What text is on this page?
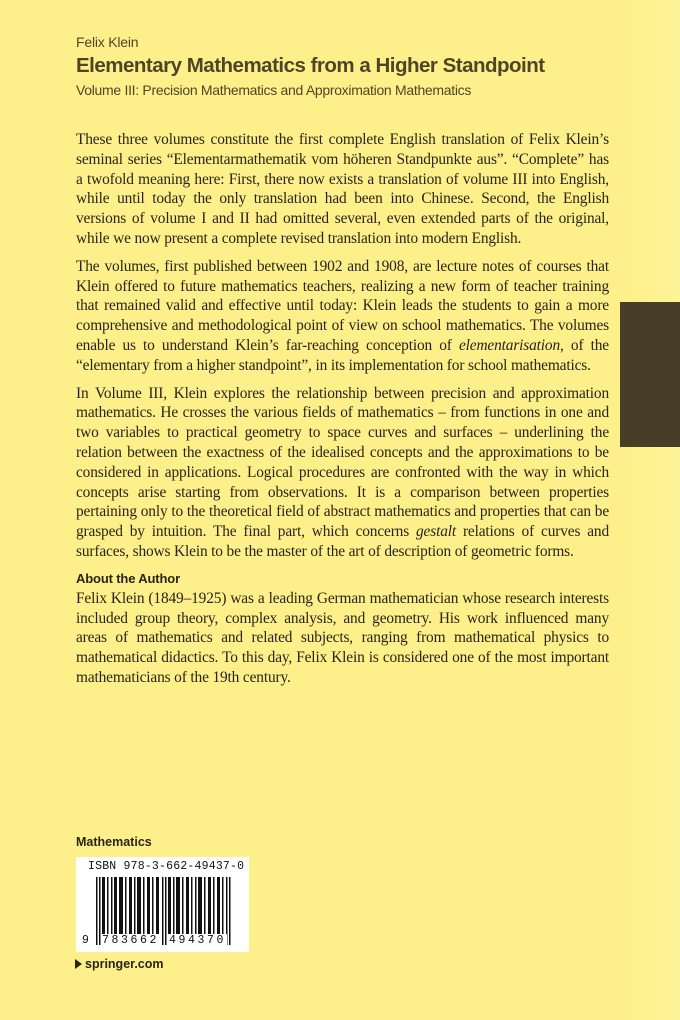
Felix Klein
Elementary Mathematics from a Higher Standpoint
Volume III: Precision Mathematics and Approximation Mathematics

These three volumes constitute the first complete English translation of Felix Klein’s seminal series “Elementarmathematik vom höheren Standpunkte aus”. “Complete” has a twofold meaning here: First, there now exists a translation of volume III into English, while until today the only translation had been into Chinese. Second, the English versions of volume I and II had omitted several, even extended parts of the original, while we now present a complete revised translation into modern English.

The volumes, first published between 1902 and 1908, are lecture notes of courses that Klein offered to future mathematics teachers, realizing a new form of teacher training that remained valid and effective until today: Klein leads the students to gain a more comprehensive and methodological point of view on school mathematics. The volumes enable us to understand Klein’s far-reaching conception of elementarisation, of the “elementary from a higher standpoint”, in its implementation for school mathematics.

In Volume III, Klein explores the relationship between precision and approximation mathematics. He crosses the various fields of mathematics – from functions in one and two variables to practical geometry to space curves and surfaces – underlining the relation between the exactness of the idealised concepts and the approximations to be considered in applications. Logical procedures are confronted with the way in which concepts arise starting from observations. It is a comparison between properties pertaining only to the theoretical field of abstract mathematics and properties that can be grasped by intuition. The final part, which concerns gestalt relations of curves and surfaces, shows Klein to be the master of the art of description of geometric forms.

About the Author

Felix Klein (1849–1925) was a leading German mathematician whose research interests included group theory, complex analysis, and geometry. His work influenced many areas of mathematics and related subjects, ranging from mathematical physics to mathematical didactics. To this day, Felix Klein is considered one of the most important mathematicians of the 19th century.

Mathematics
ISBN 978-3-662-49437-0
9 783662 494370
springer.com
